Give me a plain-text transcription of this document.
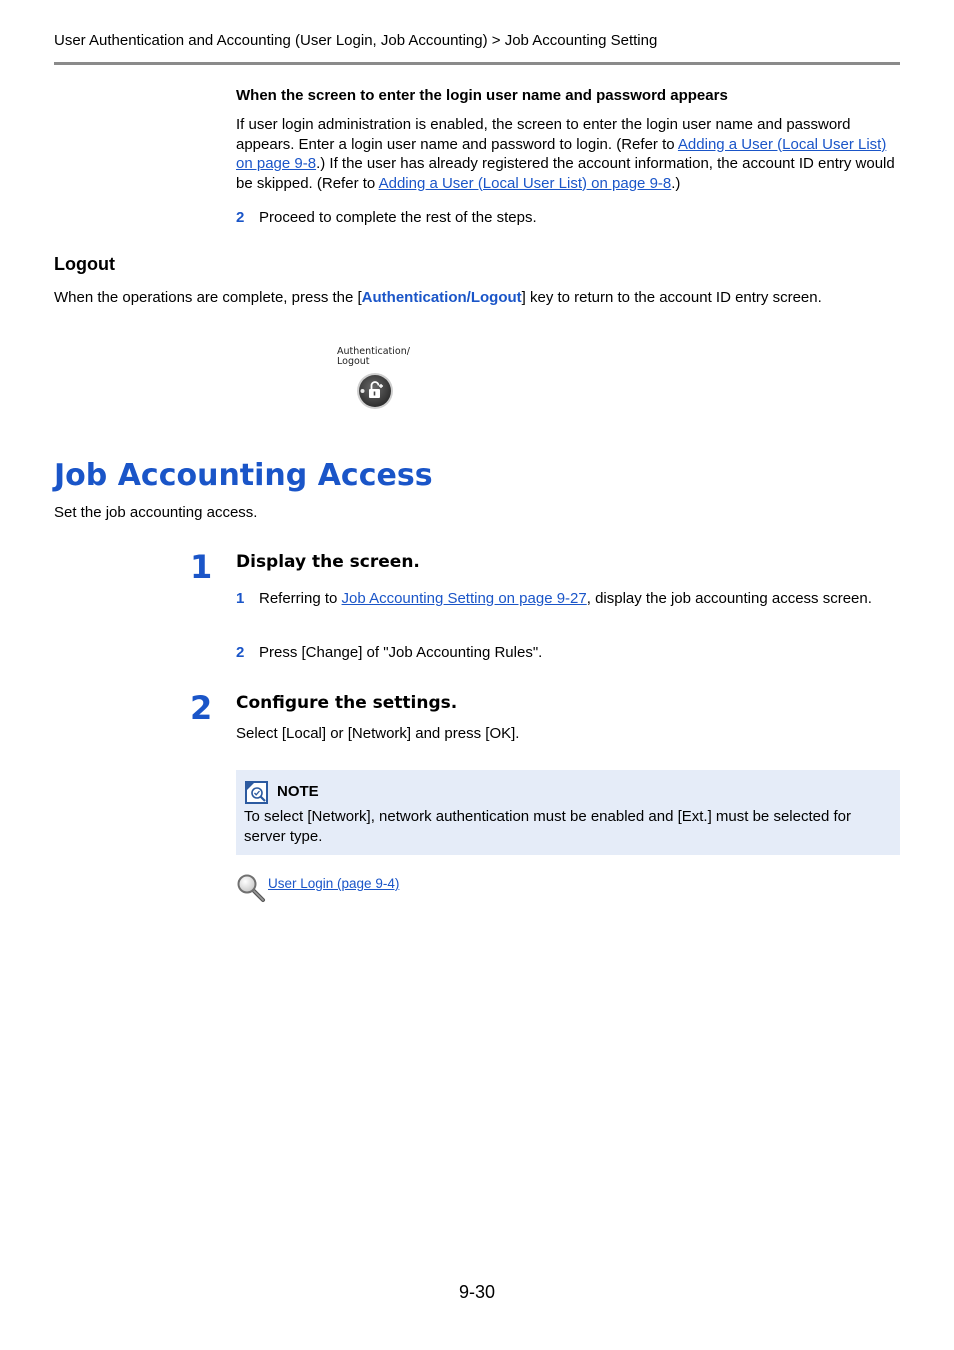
User Authentication and Accounting (User Login, Job Accounting) > Job Accounting Setting
When the screen to enter the login user name and password appears
If user login administration is enabled, the screen to enter the login user name and password appears. Enter a login user name and password to login. (Refer to Adding a User (Local User List) on page 9-8.) If the user has already registered the account information, the account ID entry would be skipped. (Refer to Adding a User (Local User List) on page 9-8.)
2 Proceed to complete the rest of the steps.
Logout
When the operations are complete, press the [Authentication/Logout] key to return to the account ID entry screen.
Authentication/
Logout
Job Accounting Access
Set the job accounting access.
1 Display the screen.
1 Referring to Job Accounting Setting on page 9-27, display the job accounting access screen.
2 Press [Change] of "Job Accounting Rules".
2 Configure the settings.
Select [Local] or [Network] and press [OK].
NOTE
To select [Network], network authentication must be enabled and [Ext.] must be selected for server type.
User Login (page 9-4)
9-30
